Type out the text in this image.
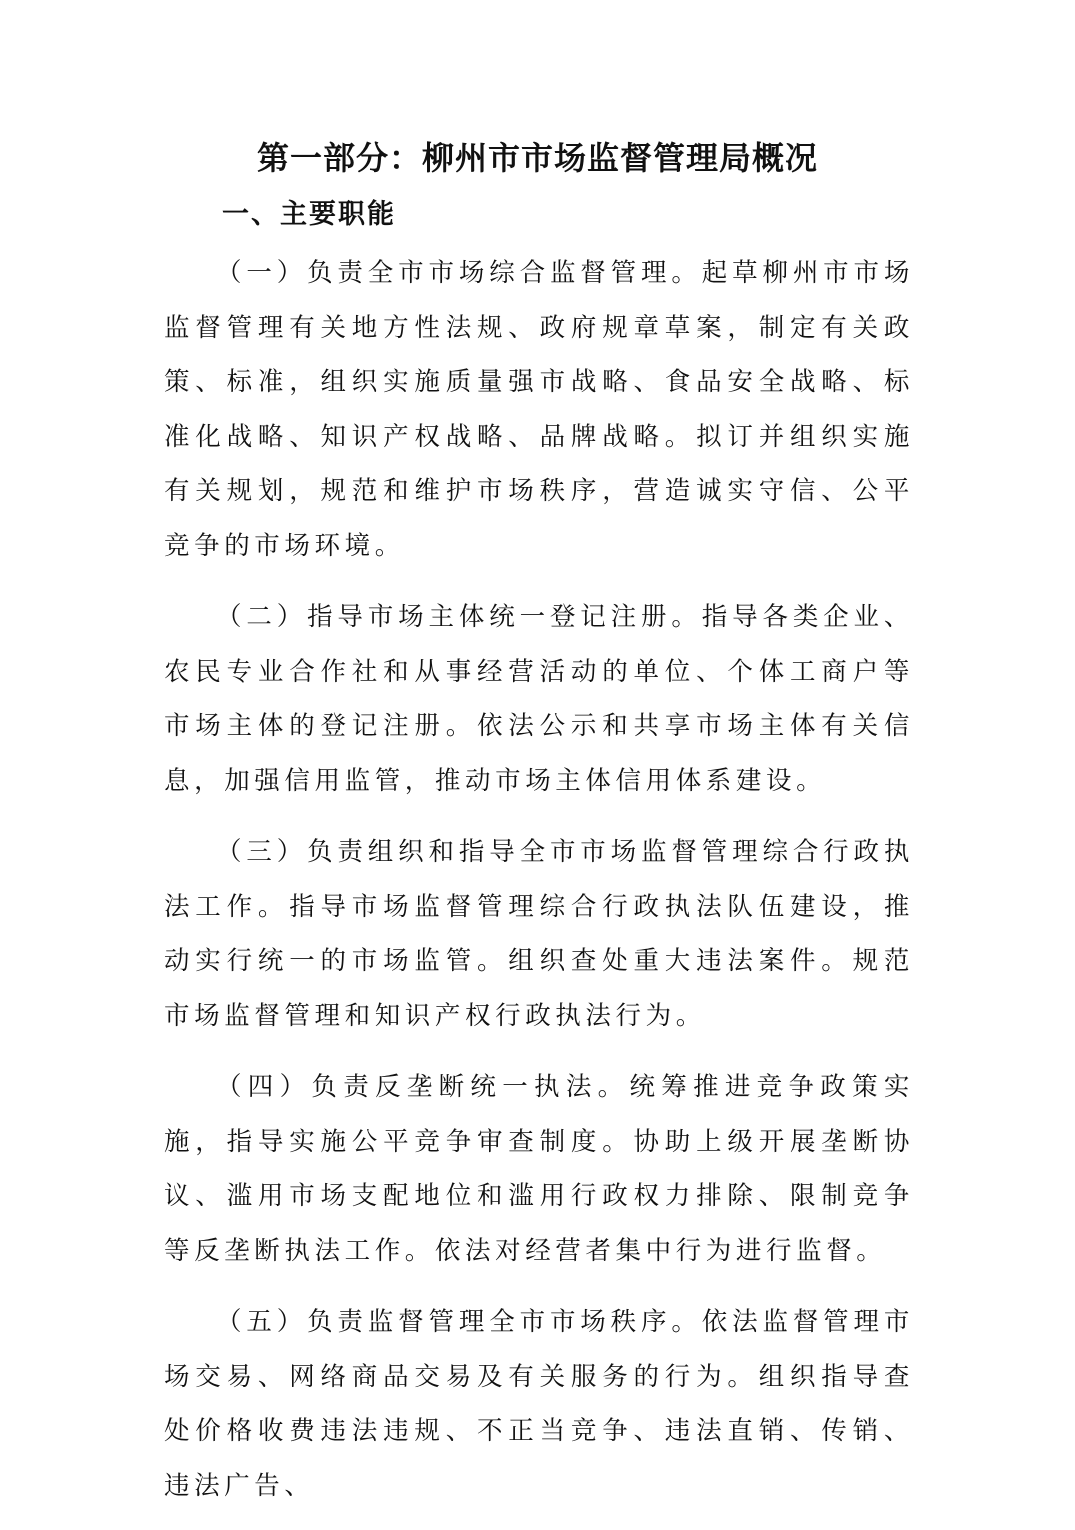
第一部分：柳州市市场监督管理局概况
一、主要职能

（一）负责全市市场综合监督管理。起草柳州市市场监督管理有关地方性法规、政府规章草案，制定有关政策、标准，组织实施质量强市战略、食品安全战略、标准化战略、知识产权战略、品牌战略。拟订并组织实施有关规划，规范和维护市场秩序，营造诚实守信、公平竞争的市场环境。

（二）指导市场主体统一登记注册。指导各类企业、农民专业合作社和从事经营活动的单位、个体工商户等市场主体的登记注册。依法公示和共享市场主体有关信息，加强信用监管，推动市场主体信用体系建设。

（三）负责组织和指导全市市场监督管理综合行政执法工作。指导市场监督管理综合行政执法队伍建设，推动实行统一的市场监管。组织查处重大违法案件。规范市场监督管理和知识产权行政执法行为。

（四）负责反垄断统一执法。统筹推进竞争政策实施，指导实施公平竞争审查制度。协助上级开展垄断协议、滥用市场支配地位和滥用行政权力排除、限制竞争等反垄断执法工作。依法对经营者集中行为进行监督。

（五）负责监督管理全市市场秩序。依法监督管理市场交易、网络商品交易及有关服务的行为。组织指导查处价格收费违法违规、不正当竞争、违法直销、传销、违法广告、
